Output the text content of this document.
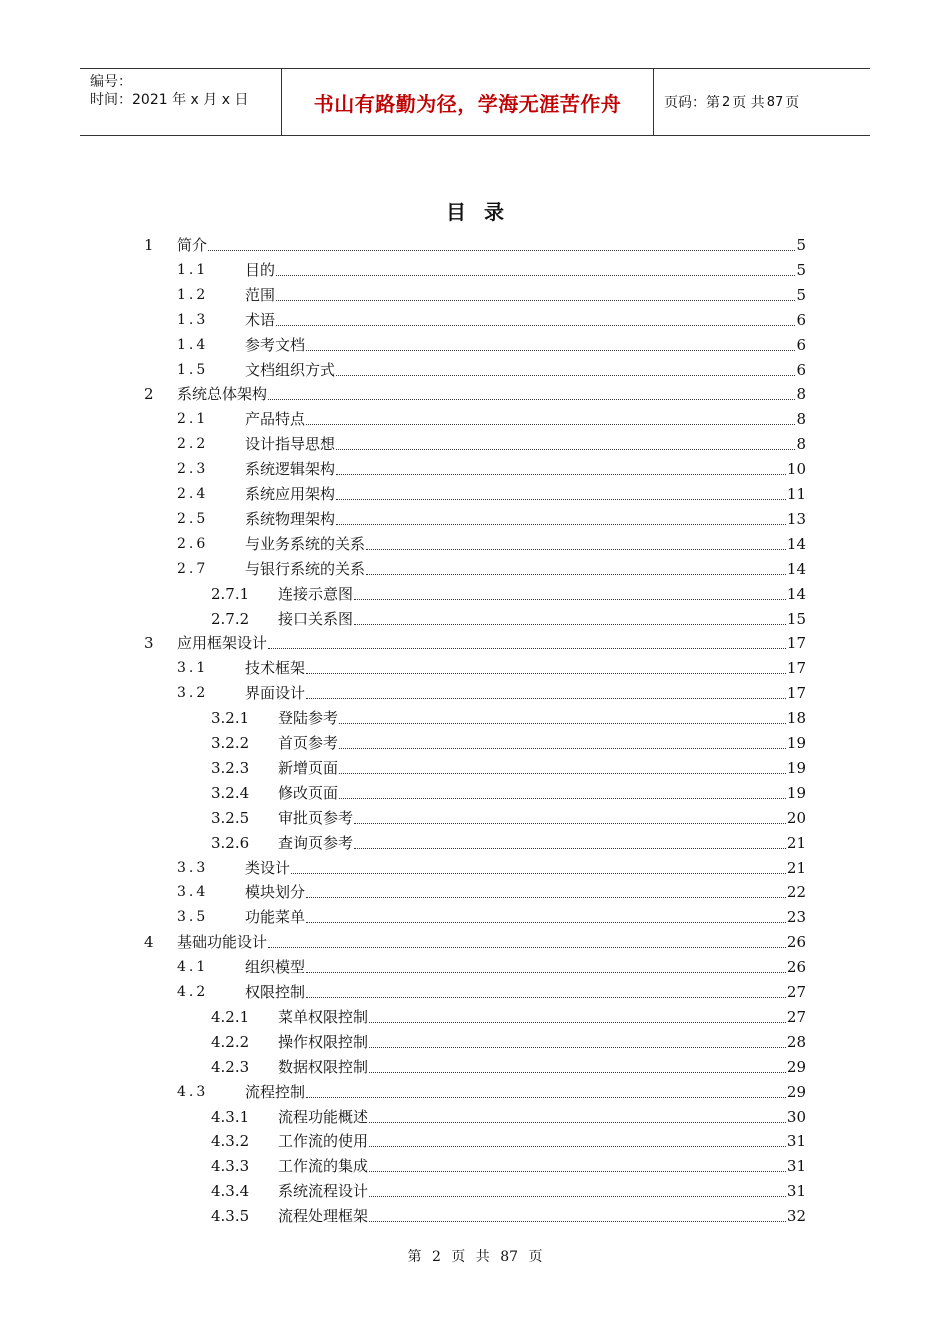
编号：
时间：2021 年 x 月 x 日	书山有路勤为径，学海无涯苦作舟	页码：第 2 页 共 87 页
目录
1 简介	5
1.1 目的	5
1.2 范围	5
1.3 术语	6
1.4 参考文档	6
1.5 文档组织方式	6
2 系统总体架构	8
2.1 产品特点	8
2.2 设计指导思想	8
2.3 系统逻辑架构	10
2.4 系统应用架构	11
2.5 系统物理架构	13
2.6 与业务系统的关系	14
2.7 与银行系统的关系	14
2.7.1 连接示意图	14
2.7.2 接口关系图	15
3 应用框架设计	17
3.1 技术框架	17
3.2 界面设计	17
3.2.1 登陆参考	18
3.2.2 首页参考	19
3.2.3 新增页面	19
3.2.4 修改页面	19
3.2.5 审批页参考	20
3.2.6 查询页参考	21
3.3 类设计	21
3.4 模块划分	22
3.5 功能菜单	23
4 基础功能设计	26
4.1 组织模型	26
4.2 权限控制	27
4.2.1 菜单权限控制	27
4.2.2 操作权限控制	28
4.2.3 数据权限控制	29
4.3 流程控制	29
4.3.1 流程功能概述	30
4.3.2 工作流的使用	31
4.3.3 工作流的集成	31
4.3.4 系统流程设计	31
4.3.5 流程处理框架	32
第 2 页 共 87 页
